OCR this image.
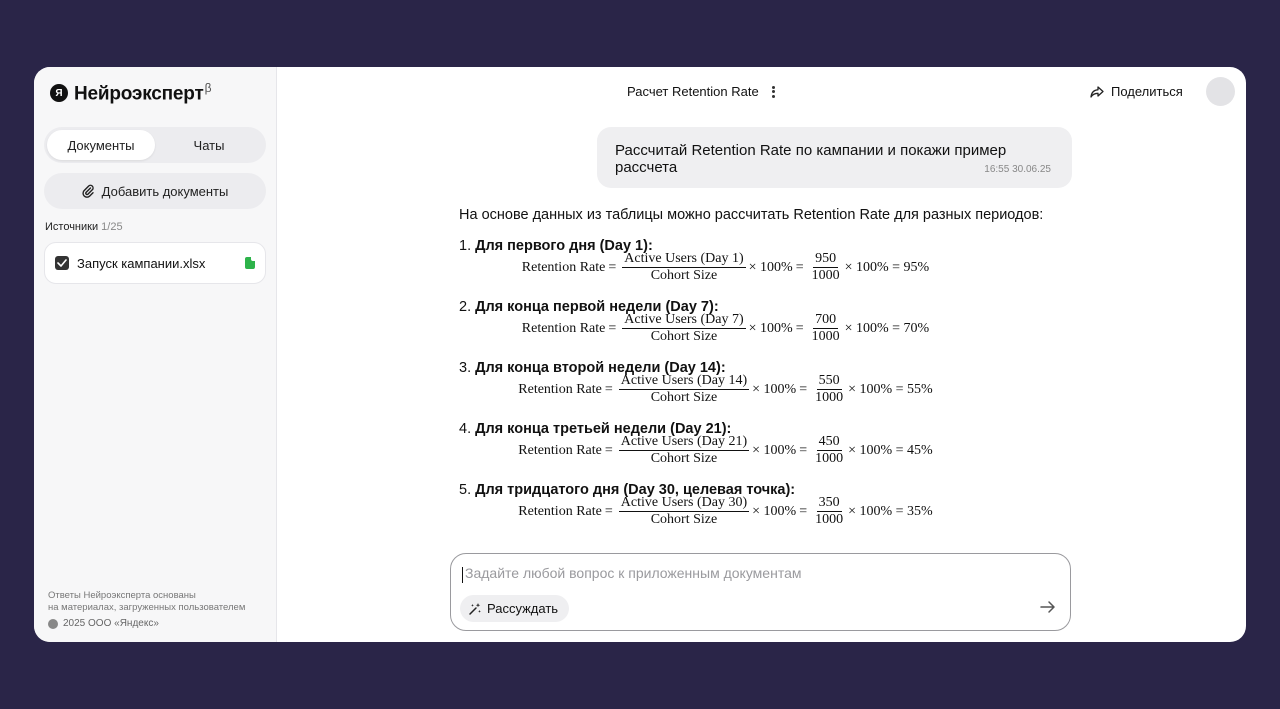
Я Нейроэксперт$^\beta$
Документы	Чаты
Добавить документы
Источники 1/25
Запуск кампании.xlsx
Ответы Нейроэксперта основаны
на материалах, загруженных пользователем
2025 ООО «Яндекс»
Расчет Retention Rate	Поделиться
Рассчитай Retention Rate по кампании и покажи пример рассчета	16:55 30.06.25
На основе данных из таблицы можно рассчитать Retention Rate для разных периодов:
1. Для первого дня (Day 1):
Retention Rate = $\frac{\text{Active Users (Day 1)}}{\text{Cohort Size}} \times 100\% = \frac{950}{1000} \times 100\% = 95\%$
2. Для конца первой недели (Day 7):
Retention Rate = $\frac{\text{Active Users (Day 7)}}{\text{Cohort Size}} \times 100\% = \frac{700}{1000} \times 100\% = 70\%$
3. Для конца второй недели (Day 14):
Retention Rate = $\frac{\text{Active Users (Day 14)}}{\text{Cohort Size}} \times 100\% = \frac{550}{1000} \times 100\% = 55\%$
4. Для конца третьей недели (Day 21):
Retention Rate = $\frac{\text{Active Users (Day 21)}}{\text{Cohort Size}} \times 100\% = \frac{450}{1000} \times 100\% = 45\%$
5. Для тридцатого дня (Day 30, целевая точка):
Retention Rate = $\frac{\text{Active Users (Day 30)}}{\text{Cohort Size}} \times 100\% = \frac{350}{1000} \times 100\% = 35\%$
Задайте любой вопрос к приложенным документам
Рассуждать
